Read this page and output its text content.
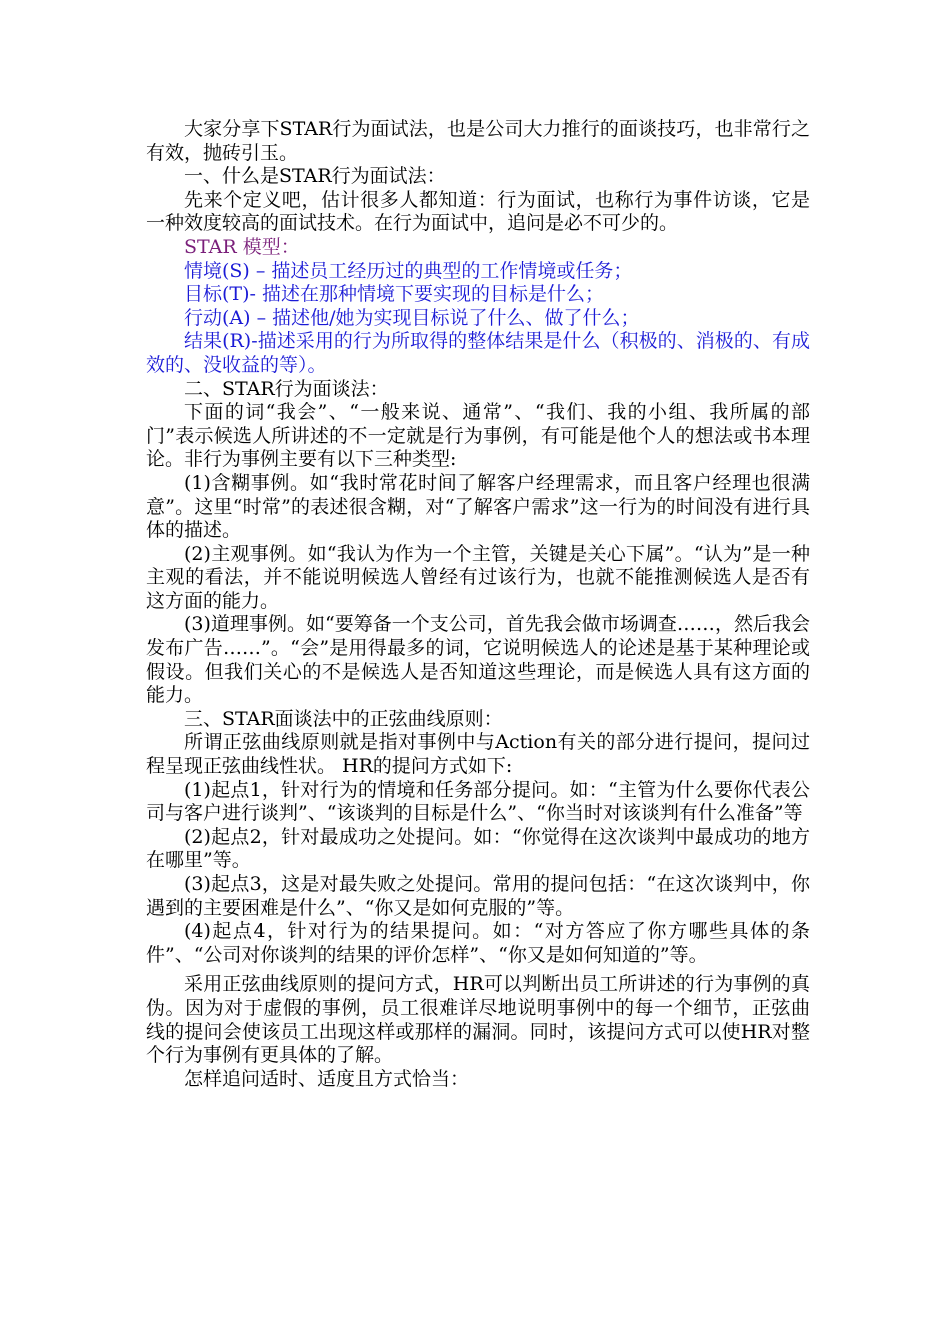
大家分享下STAR行为面试法，也是公司大力推行的面谈技巧，也非常行之有效，抛砖引玉。

一、什么是STAR行为面试法：

先来个定义吧，估计很多人都知道：行为面试，也称行为事件访谈，它是一种效度较高的面试技术。在行为面试中，追问是必不可少的。

STAR 模型：

情境(S) – 描述员工经历过的典型的工作情境或任务；

目标(T)- 描述在那种情境下要实现的目标是什么；

行动(A) – 描述他/她为实现目标说了什么、做了什么；

结果(R)-描述采用的行为所取得的整体结果是什么（积极的、消极的、有成效的、没收益的等）。

二、STAR行为面谈法：

下面的词“我会”、“一般来说、通常”、“我们、我的小组、我所属的部门”表示候选人所讲述的不一定就是行为事例，有可能是他个人的想法或书本理论。非行为事例主要有以下三种类型:

(1)含糊事例。如“我时常花时间了解客户经理需求，而且客户经理也很满意”。这里“时常”的表述很含糊，对“了解客户需求”这一行为的时间没有进行具体的描述。

(2)主观事例。如“我认为作为一个主管，关键是关心下属”。“认为”是一种主观的看法，并不能说明候选人曾经有过该行为，也就不能推测候选人是否有这方面的能力。

(3)道理事例。如“要筹备一个支公司，首先我会做市场调查……，然后我会发布广告……”。“会”是用得最多的词，它说明候选人的论述是基于某种理论或假设。但我们关心的不是候选人是否知道这些理论，而是候选人具有这方面的能力。

三、STAR面谈法中的正弦曲线原则：

所谓正弦曲线原则就是指对事例中与Action有关的部分进行提问，提问过程呈现正弦曲线性状。 HR的提问方式如下:

(1)起点1，针对行为的情境和任务部分提问。如：“主管为什么要你代表公司与客户进行谈判”、“该谈判的目标是什么”、“你当时对该谈判有什么准备”等

(2)起点2，针对最成功之处提问。如：“你觉得在这次谈判中最成功的地方在哪里”等。

(3)起点3，这是对最失败之处提问。常用的提问包括：“在这次谈判中，你遇到的主要困难是什么”、“你又是如何克服的”等。

(4)起点4，针对行为的结果提问。如：“对方答应了你方哪些具体的条件”、“公司对你谈判的结果的评价怎样”、“你又是如何知道的”等。

采用正弦曲线原则的提问方式，HR可以判断出员工所讲述的行为事例的真伪。因为对于虚假的事例，员工很难详尽地说明事例中的每一个细节，正弦曲线的提问会使该员工出现这样或那样的漏洞。同时，该提问方式可以使HR对整个行为事例有更具体的了解。

怎样追问适时、适度且方式恰当：
